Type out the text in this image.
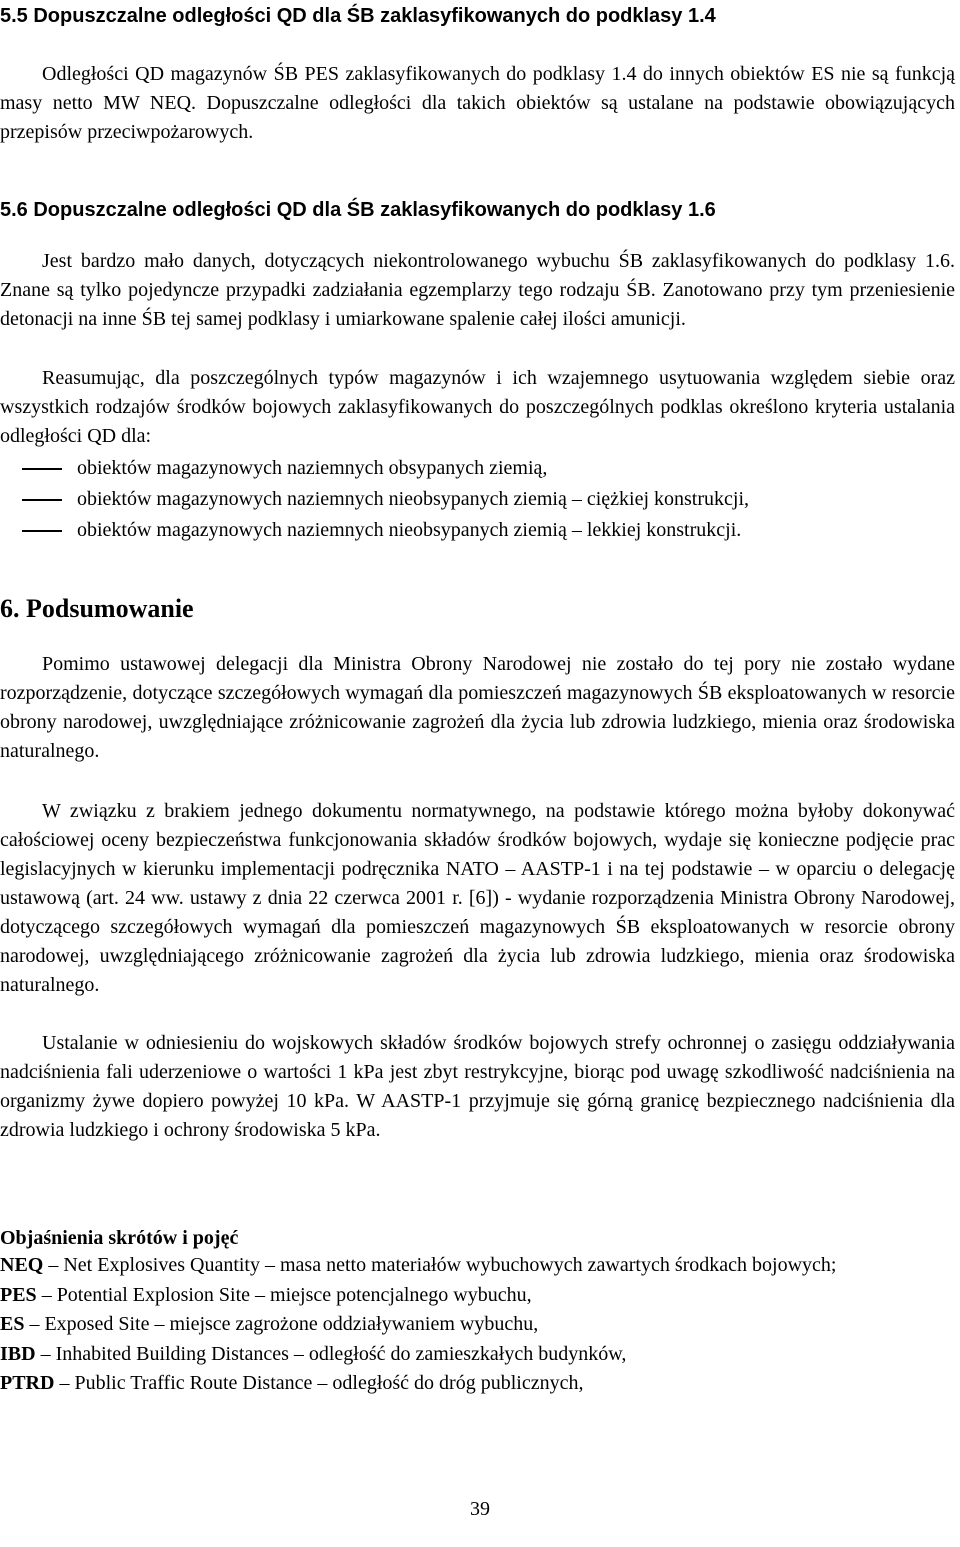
5.5 Dopuszczalne odległości QD dla ŚB zaklasyfikowanych do podklasy 1.4

Odległości QD magazynów ŚB PES zaklasyfikowanych do podklasy 1.4 do innych obiektów ES nie są funkcją masy netto MW NEQ. Dopuszczalne odległości dla takich obiektów są ustalane na podstawie obowiązujących przepisów przeciwpożarowych.

5.6 Dopuszczalne odległości QD dla ŚB zaklasyfikowanych do podklasy 1.6

Jest bardzo mało danych, dotyczących niekontrolowanego wybuchu ŚB zaklasyfikowanych do podklasy 1.6. Znane są tylko pojedyncze przypadki zadziałania egzemplarzy tego rodzaju ŚB. Zanotowano przy tym przeniesienie detonacji na inne ŚB tej samej podklasy i umiarkowane spalenie całej ilości amunicji.

Reasumując, dla poszczególnych typów magazynów i ich wzajemnego usytuowania względem siebie oraz wszystkich rodzajów środków bojowych zaklasyfikowanych do poszczególnych podklas określono kryteria ustalania odległości QD dla:

obiektów magazynowych naziemnych obsypanych ziemią,
obiektów magazynowych naziemnych nieobsypanych ziemią – ciężkiej konstrukcji,
obiektów magazynowych naziemnych nieobsypanych ziemią – lekkiej konstrukcji.
6. Podsumowanie

Pomimo ustawowej delegacji dla Ministra Obrony Narodowej nie zostało do tej pory nie zostało wydane rozporządzenie, dotyczące szczegółowych wymagań dla pomieszczeń magazynowych ŚB eksploatowanych w resorcie obrony narodowej, uwzględniające zróżnicowanie zagrożeń dla życia lub zdrowia ludzkiego, mienia oraz środowiska naturalnego.

W związku z brakiem jednego dokumentu normatywnego, na podstawie którego można byłoby dokonywać całościowej oceny bezpieczeństwa funkcjonowania składów środków bojowych, wydaje się konieczne podjęcie prac legislacyjnych w kierunku implementacji podręcznika NATO – AASTP-1 i na tej podstawie – w oparciu o delegację ustawową (art. 24 ww. ustawy z dnia 22 czerwca 2001 r. [6]) - wydanie rozporządzenia Ministra Obrony Narodowej, dotyczącego szczegółowych wymagań dla pomieszczeń magazynowych ŚB eksploatowanych w resorcie obrony narodowej, uwzględniającego zróżnicowanie zagrożeń dla życia lub zdrowia ludzkiego, mienia oraz środowiska naturalnego.

Ustalanie w odniesieniu do wojskowych składów środków bojowych strefy ochronnej o zasięgu oddziaływania nadciśnienia fali uderzeniowe o wartości 1 kPa jest zbyt restrykcyjne, biorąc pod uwagę szkodliwość nadciśnienia na organizmy żywe dopiero powyżej 10 kPa. W AASTP-1 przyjmuje się górną granicę bezpiecznego nadciśnienia dla zdrowia ludzkiego i ochrony środowiska 5 kPa.

Objaśnienia skrótów i pojęć
NEQ – Net Explosives Quantity – masa netto materiałów wybuchowych zawartych środkach bojowych;
PES – Potential Explosion Site – miejsce potencjalnego wybuchu,
ES – Exposed Site – miejsce zagrożone oddziaływaniem wybuchu,
IBD – Inhabited Building Distances – odległość do zamieszkałych budynków,
PTRD – Public Traffic Route Distance – odległość do dróg publicznych,
39
